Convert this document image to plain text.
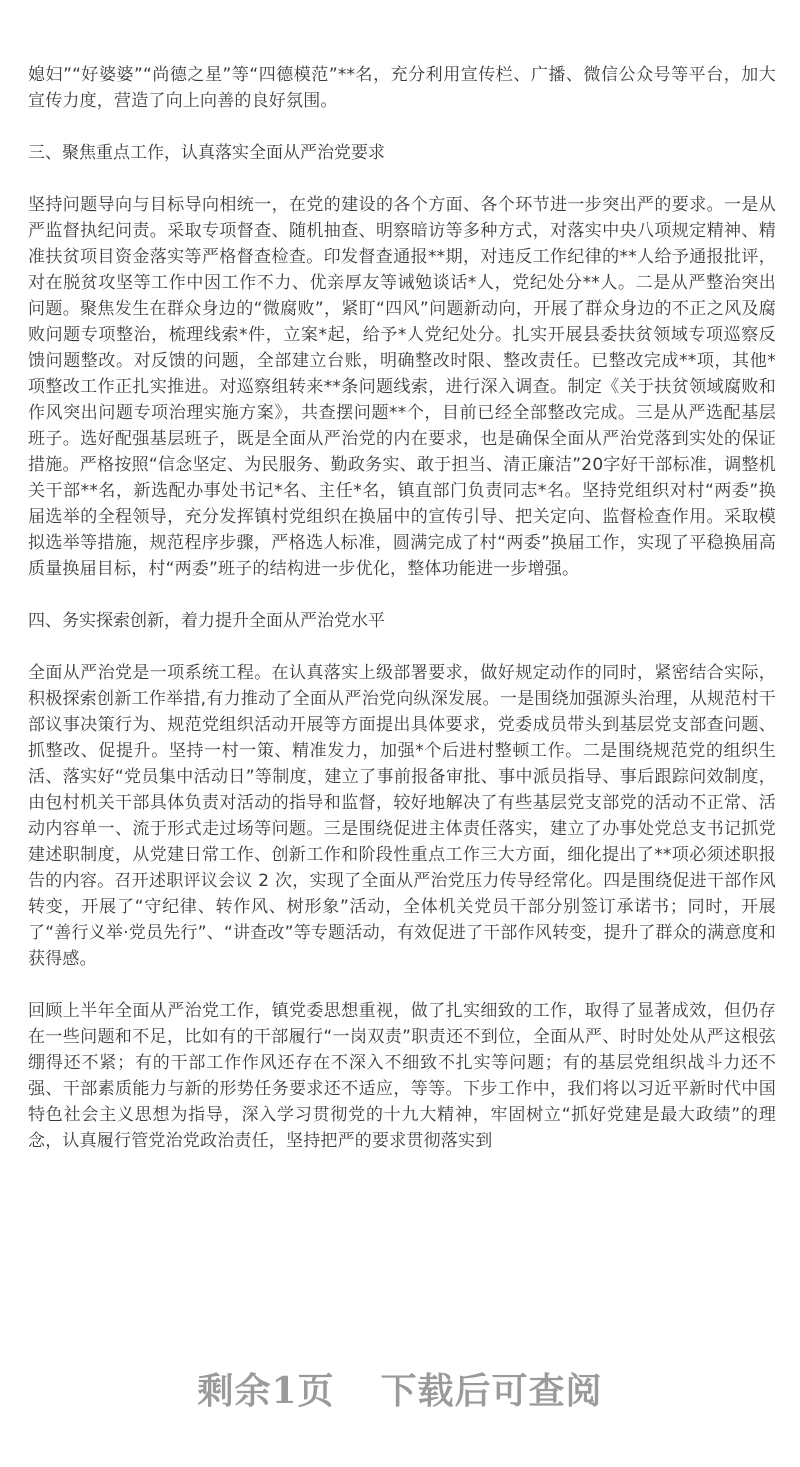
媳妇”“好婆婆”“尚德之星”等“四德模范”**名，充分利用宣传栏、广播、微信公众号等平台，加大宣传力度，营造了向上向善的良好氛围。

三、聚焦重点工作，认真落实全面从严治党要求

坚持问题导向与目标导向相统一，在党的建设的各个方面、各个环节进一步突出严的要求。一是从严监督执纪问责。采取专项督查、随机抽查、明察暗访等多种方式，对落实中央八项规定精神、精准扶贫项目资金落实等严格督查检查。印发督查通报**期，对违反工作纪律的**人给予通报批评，对在脱贫攻坚等工作中因工作不力、优亲厚友等诫勉谈话*人，党纪处分**人。二是从严整治突出问题。聚焦发生在群众身边的“微腐败”，紧盯“四风”问题新动向，开展了群众身边的不正之风及腐败问题专项整治，梳理线索*件，立案*起，给予*人党纪处分。扎实开展县委扶贫领域专项巡察反馈问题整改。对反馈的问题，全部建立台账，明确整改时限、整改责任。已整改完成**项，其他*项整改工作正扎实推进。对巡察组转来**条问题线索，进行深入调查。制定《关于扶贫领域腐败和作风突出问题专项治理实施方案》，共查摆问题**个，目前已经全部整改完成。三是从严选配基层班子。选好配强基层班子，既是全面从严治党的内在要求，也是确保全面从严治党落到实处的保证措施。严格按照“信念坚定、为民服务、勤政务实、敢于担当、清正廉洁”20字好干部标准，调整机关干部**名，新选配办事处书记*名、主任*名，镇直部门负责同志*名。坚持党组织对村“两委”换届选举的全程领导，充分发挥镇村党组织在换届中的宣传引导、把关定向、监督检查作用。采取模拟选举等措施，规范程序步骤，严格选人标准，圆满完成了村“两委”换届工作，实现了平稳换届高质量换届目标，村“两委”班子的结构进一步优化，整体功能进一步增强。

四、务实探索创新，着力提升全面从严治党水平

全面从严治党是一项系统工程。在认真落实上级部署要求，做好规定动作的同时，紧密结合实际，积极探索创新工作举措,有力推动了全面从严治党向纵深发展。一是围绕加强源头治理，从规范村干部议事决策行为、规范党组织活动开展等方面提出具体要求，党委成员带头到基层党支部查问题、抓整改、促提升。坚持一村一策、精准发力，加强*个后进村整顿工作。二是围绕规范党的组织生活、落实好“党员集中活动日”等制度，建立了事前报备审批、事中派员指导、事后跟踪问效制度，由包村机关干部具体负责对活动的指导和监督，较好地解决了有些基层党支部党的活动不正常、活动内容单一、流于形式走过场等问题。三是围绕促进主体责任落实，建立了办事处党总支书记抓党建述职制度，从党建日常工作、创新工作和阶段性重点工作三大方面，细化提出了**项必须述职报告的内容。召开述职评议会议 2 次，实现了全面从严治党压力传导经常化。四是围绕促进干部作风转变，开展了“守纪律、转作风、树形象”活动，全体机关党员干部分别签订承诺书；同时，开展了“善行义举·党员先行”、“讲查改”等专题活动，有效促进了干部作风转变，提升了群众的满意度和获得感。

回顾上半年全面从严治党工作，镇党委思想重视，做了扎实细致的工作，取得了显著成效，但仍存在一些问题和不足，比如有的干部履行“一岗双责”职责还不到位，全面从严、时时处处从严这根弦绷得还不紧；有的干部工作作风还存在不深入不细致不扎实等问题；有的基层党组织战斗力还不强、干部素质能力与新的形势任务要求还不适应，等等。下步工作中，我们将以习近平新时代中国特色社会主义思想为指导，深入学习贯彻党的十九大精神，牢固树立“抓好党建是最大政绩”的理念，认真履行管党治党政治责任，坚持把严的要求贯彻落实到

剩余1页 下载后可查阅
